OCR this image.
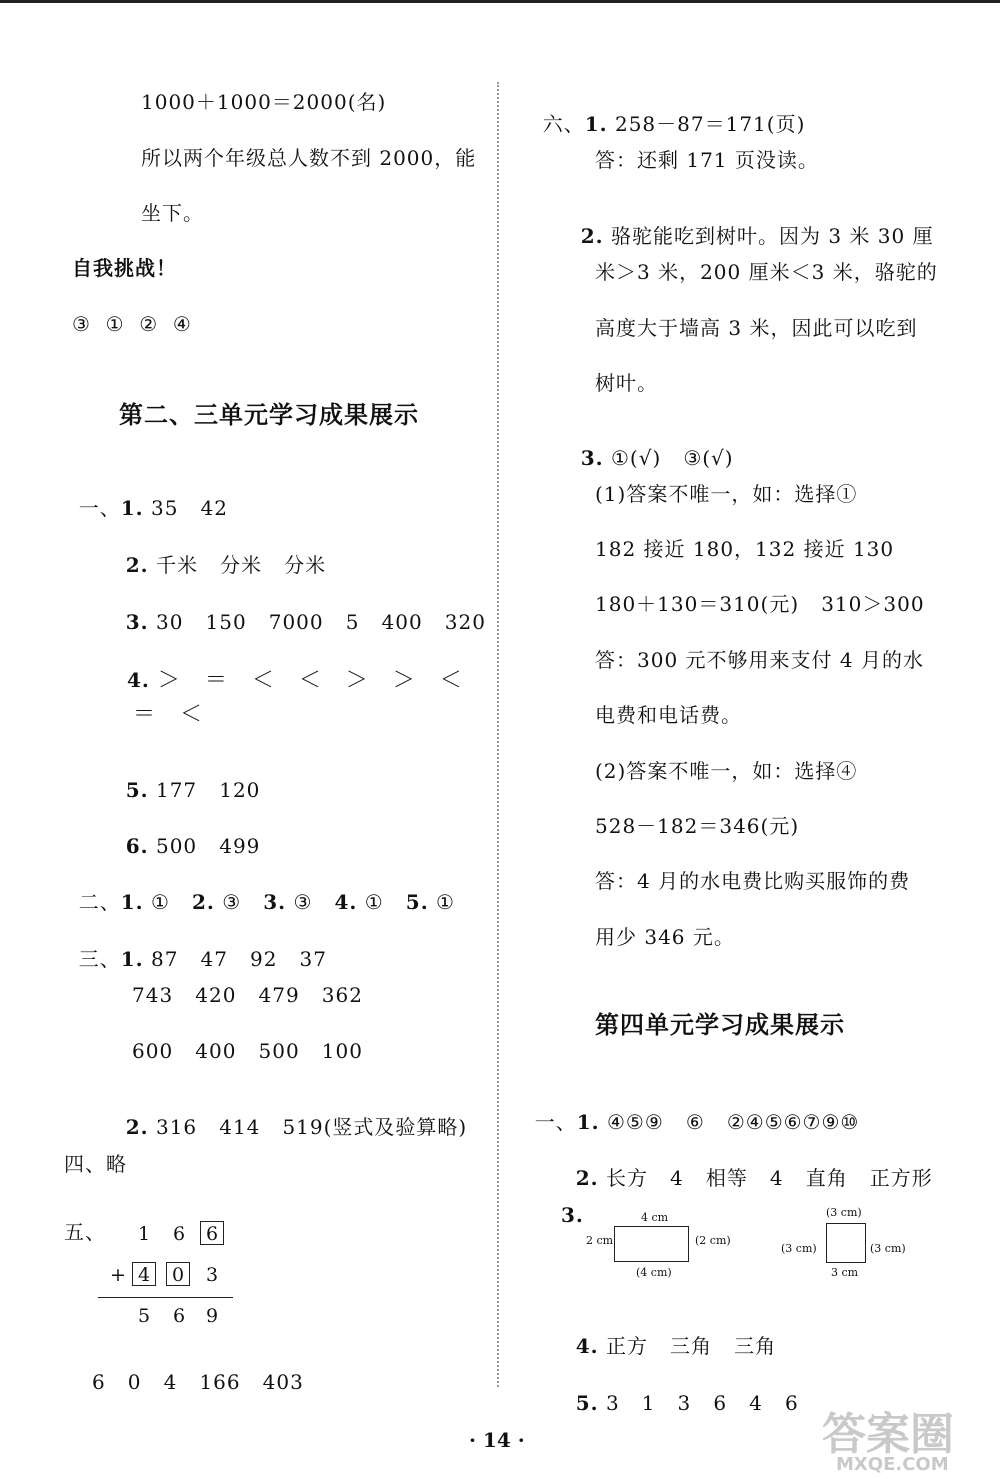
1000＋1000＝2000(名)
所以两个年级总人数不到 2000，能
坐下。
自我挑战！
③  ①  ②  ④
第二、三单元学习成果展示

一、1. 35   42

2. 千米   分米   分米

3. 30   150   7000   5   400   320

4. ＞   ＝   ＜   ＜   ＞   ＞   ＜

＝   ＜

5. 177   120

6. 500   499

二、1. ① 2. ③ 3. ③ 4. ① 5. ①

三、1. 87   47   92   37

743   420   479   362
600   400   500   100

2. 316   414   519(竖式及验算略)

四、略
五、	1	6	6
+ 4	0	3
5	6	9
6   0   4   166   403

六、1. 258－87＝171(页)

答：还剩 171 页没读。

2. 骆驼能吃到树叶。因为 3 米 30 厘

米＞3 米，200 厘米＜3 米，骆驼的
高度大于墙高 3 米，因此可以吃到
树叶。

3. ①(√)   ③(√)

(1)答案不唯一，如：选择①
182 接近 180，132 接近 130
180＋130＝310(元)   310＞300
答：300 元不够用来支付 4 月的水
电费和电话费。
(2)答案不唯一，如：选择④
528－182＝346(元)
答：4 月的水电费比购买服饰的费
用少 346 元。
第四单元学习成果展示

一、1. ④⑤⑨   ⑥   ②④⑤⑥⑦⑨⑩

2. 长方   4   相等   4   直角   正方形

3.	4 cm
2 cm	(2 cm)
(4 cm)
(3 cm)
(3 cm)	(3 cm)
3 cm

4. 正方   三角   三角

5. 3   1   3   6   4   6

· 14 ·	答案圈
MXQE.COM
